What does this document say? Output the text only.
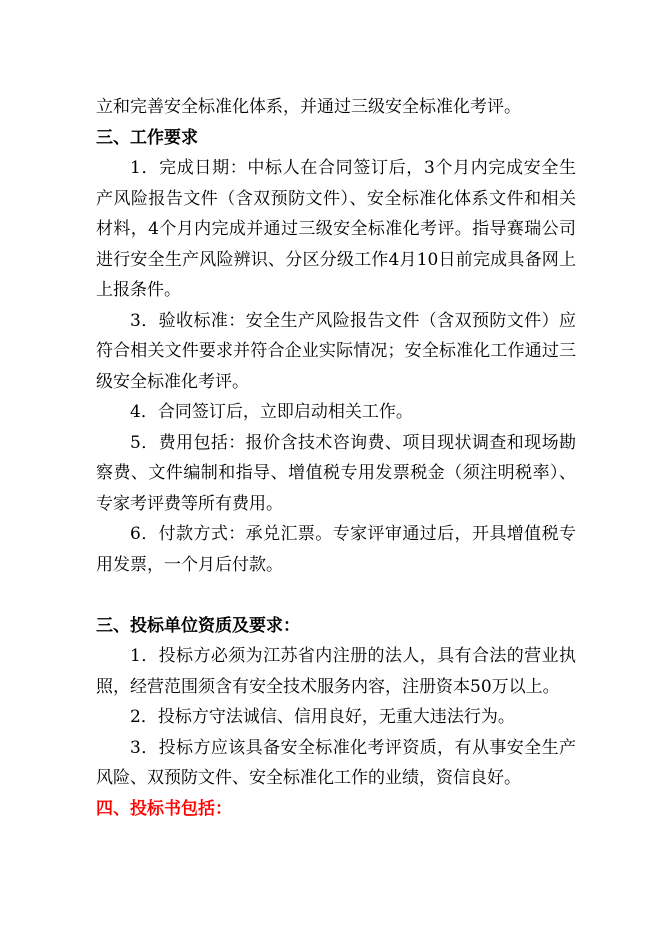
立和完善安全标准化体系，并通过三级安全标准化考评。

三、工作要求

1．完成日期：中标人在合同签订后，3个月内完成安全生产风险报告文件（含双预防文件）、安全标准化体系文件和相关材料，4个月内完成并通过三级安全标准化考评。指导赛瑞公司进行安全生产风险辨识、分区分级工作4月10日前完成具备网上上报条件。

3．验收标准：安全生产风险报告文件（含双预防文件）应符合相关文件要求并符合企业实际情况；安全标准化工作通过三级安全标准化考评。

4．合同签订后，立即启动相关工作。

5．费用包括：报价含技术咨询费、项目现状调查和现场勘察费、文件编制和指导、增值税专用发票税金（须注明税率）、专家考评费等所有费用。

6．付款方式：承兑汇票。专家评审通过后，开具增值税专用发票，一个月后付款。

三、投标单位资质及要求：

1．投标方必须为江苏省内注册的法人，具有合法的营业执照，经营范围须含有安全技术服务内容，注册资本50万以上。

2．投标方守法诚信、信用良好，无重大违法行为。

3．投标方应该具备安全标准化考评资质，有从事安全生产风险、双预防文件、安全标准化工作的业绩，资信良好。

四、投标书包括：
